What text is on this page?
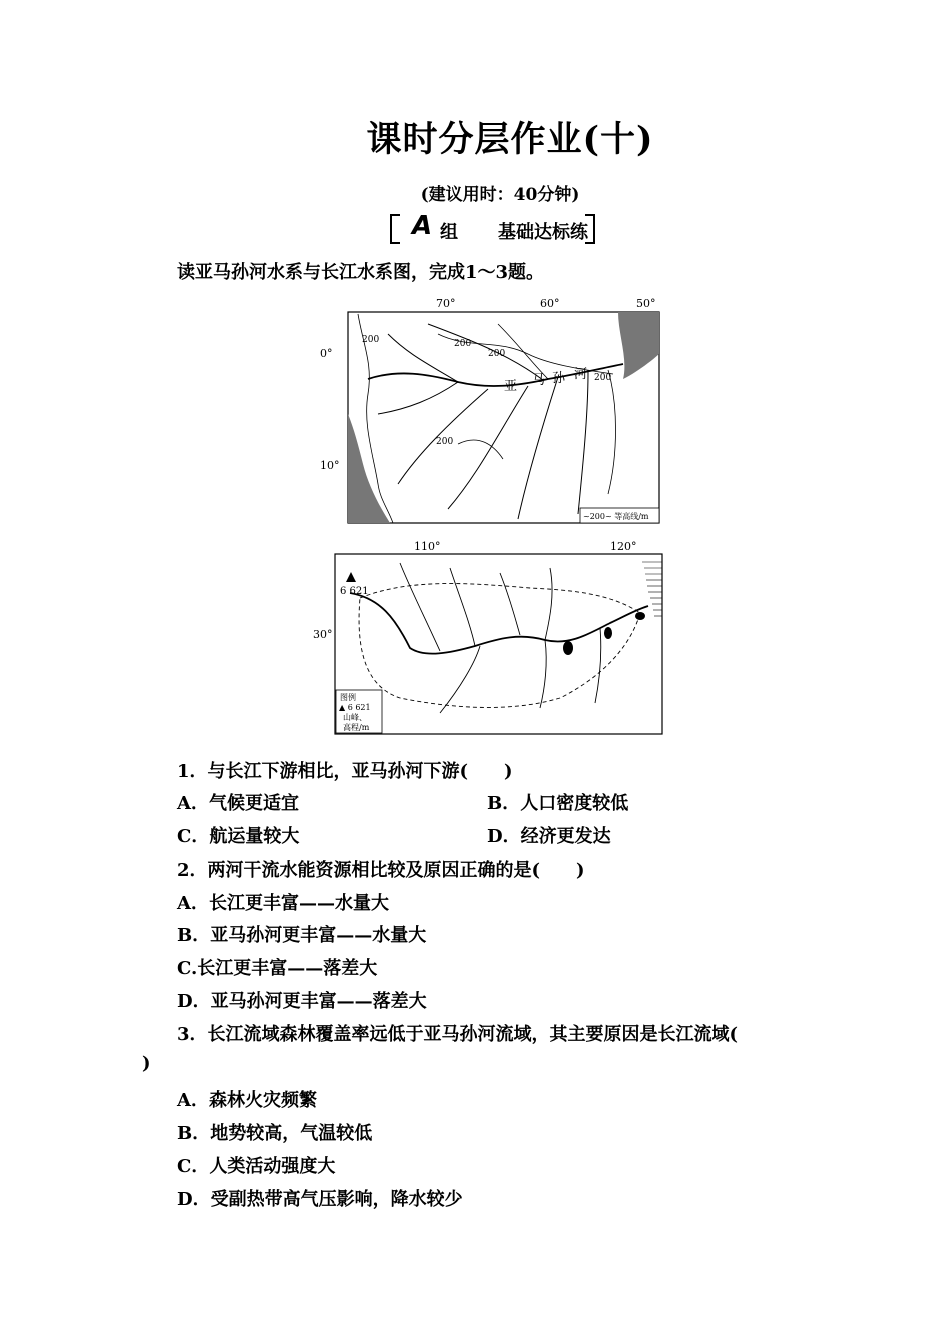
课时分层作业(十)
(建议用时：40分钟)
A 组 基础达标练
读亚马孙河水系与长江水系图，完成1～3题。
70°	60°	50°
0°
10°
亚 马 孙 河
200	200
200
200
200
~200~ 等高线/m
110°	120°
30°
6 621
图例
▲ 6 621
山峰、
高程/m
1．与长江下游相比，亚马孙河下游(　　)
A．气候更适宜	B．人口密度较低
C．航运量较大	D．经济更发达
2．两河干流水能资源相比较及原因正确的是(　　)
A．长江更丰富——水量大
B．亚马孙河更丰富——水量大
C.长江更丰富——落差大
D．亚马孙河更丰富——落差大
3．长江流域森林覆盖率远低于亚马孙河流域，其主要原因是长江流域(
)
A．森林火灾频繁
B．地势较高，气温较低
C．人类活动强度大
D．受副热带高气压影响，降水较少
